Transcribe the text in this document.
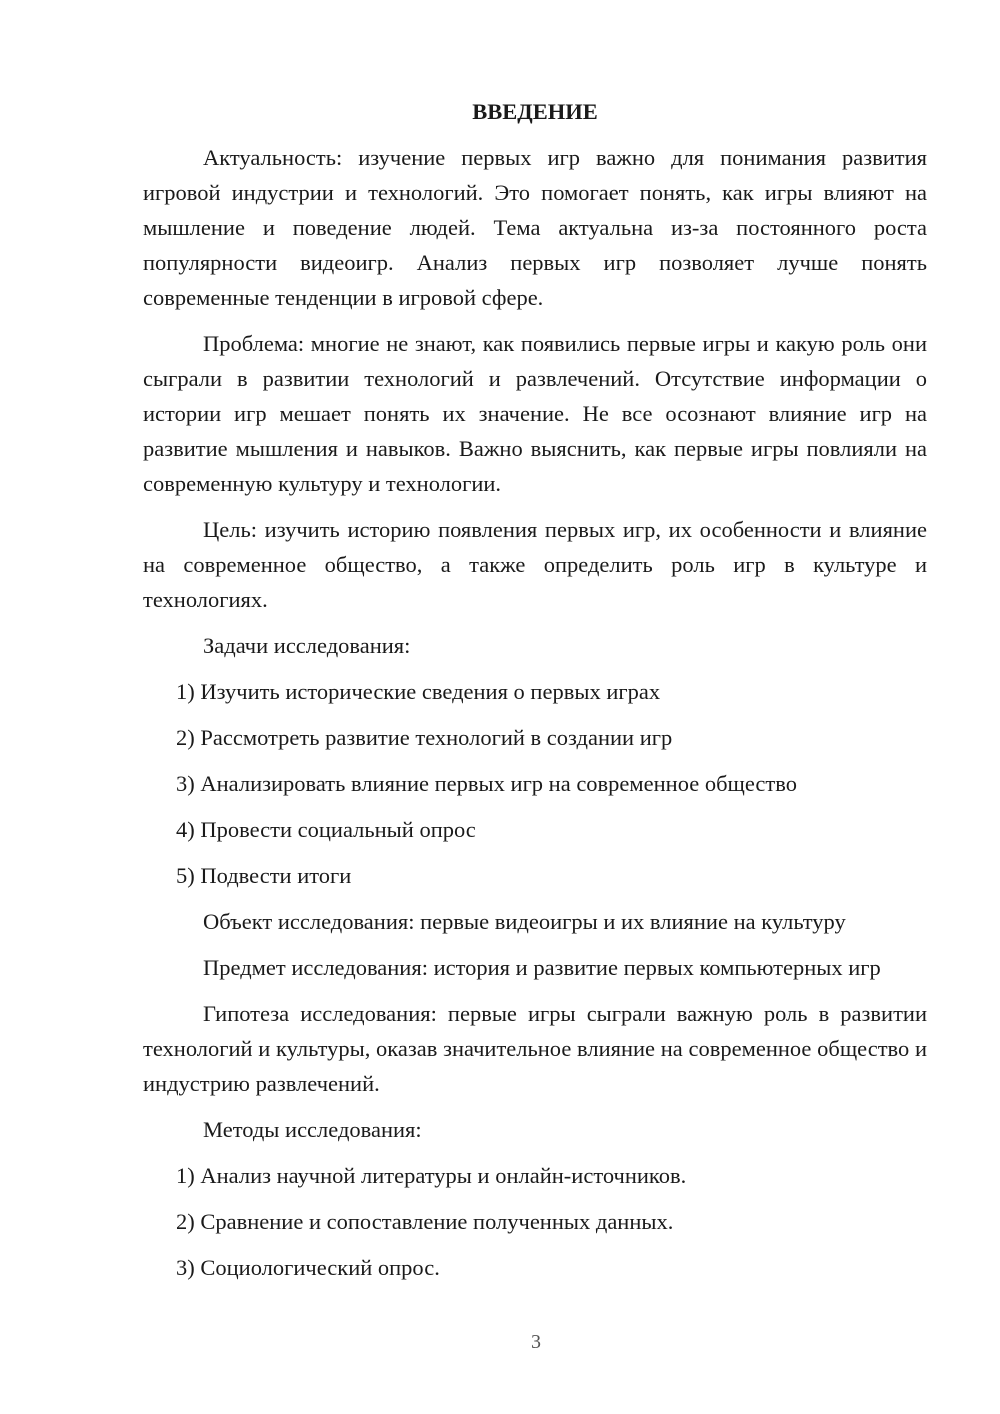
ВВЕДЕНИЕ

Актуальность: изучение первых игр важно для понимания развития игровой индустрии и технологий. Это помогает понять, как игры влияют на мышление и поведение людей. Тема актуальна из-за постоянного роста популярности видеоигр. Анализ первых игр позволяет лучше понять современные тенденции в игровой сфере.

Проблема: многие не знают, как появились первые игры и какую роль они сыграли в развитии технологий и развлечений. Отсутствие информации о истории игр мешает понять их значение. Не все осознают влияние игр на развитие мышления и навыков. Важно выяснить, как первые игры повлияли на современную культуру и технологии.

Цель: изучить историю появления первых игр, их особенности и влияние на современное общество, а также определить роль игр в культуре и технологиях.

Задачи исследования:

1) Изучить исторические сведения о первых играх
2) Рассмотреть развитие технологий в создании игр
3) Анализировать влияние первых игр на современное общество
4) Провести социальный опрос
5) Подвести итоги

Объект исследования: первые видеоигры и их влияние на культуру

Предмет исследования: история и развитие первых компьютерных игр

Гипотеза исследования: первые игры сыграли важную роль в развитии технологий и культуры, оказав значительное влияние на современное общество и индустрию развлечений.

Методы исследования:

1) Анализ научной литературы и онлайн-источников.
2) Сравнение и сопоставление полученных данных.
3) Социологический опрос.
3
